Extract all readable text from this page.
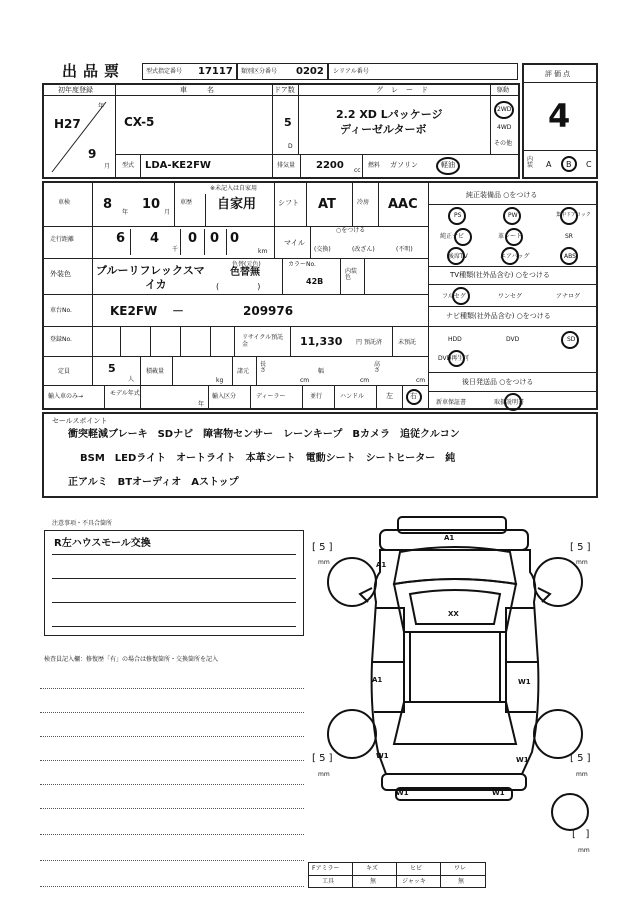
出品票	型式指定番号 17117 類別区分番号 0202 シリアル番号	評価点
4
内装 A B C
初年度登録	車名	ドア数	グレード	駆動
年
H27
9
月
CX-5	5
D
2.2 XD Lパッケージ
ディーゼルターボ
2WD
4WD
その他
型式 LDA-KE2FW	排気量 2200 cc
燃料 ガソリン	軽油
車検	8
年
10
月
車歴
※未記入は自家用
自家用	シフト AT	冷房 AAC
走行距離	6 4
千
0 0 0
km
マイル
○をつける
(交換)	(改ざん)	(不明)
外装色 ブルーリフレックスマ
イカ
色替(元色)
色替無
(               )
カラーNo.
42B
内装色
車台No.	KE2FW －	209976
登録No.	リサイクル預託金	11,330 円 預託済	未預託
定員	5
人
積載量
kg
諸元
長さ
cm
幅
cm
高さ
cm
輸入車のみ→	モデル年式
年
輸入区分	ディーラー	並行	ハンドル	左 右
純正装備品 ○をつける
PS	PW	集中ドアロック
純正ナビ	革シート	SR
後席TV	エアバッグ	ABS
TV種類(社外品含む) ○をつける
フルセグ	ワンセグ	アナログ
ナビ種類(社外品含む) ○をつける
HDD	DVD	SD
DVD再生可
後日発送品 ○をつける
新車保証書	取扱説明書
セールスポイント
衝突軽減ブレーキ　SDナビ　障害物センサー　レーンキープ　Bカメラ　追従クルコン
BSM　LEDライト　オートライト　本革シート　電動シート　シートヒーター　純
正アルミ　BTオーディオ　Aストップ
注意事項・不具合箇所
R左ハウスモール交換
検査員記入欄：修復歴「有」の場合は修復箇所・交換箇所を記入
A1
A1
XX
A1	W1
W1	W1
W1	W1
[ 5 ]
mm
[ 5 ]
mm
[ 5 ]
mm
[ 5 ]
mm
[   ]
mm
Fアミラー	キズ	ヒビ	ワレ
工具	無	ジャッキ	無
